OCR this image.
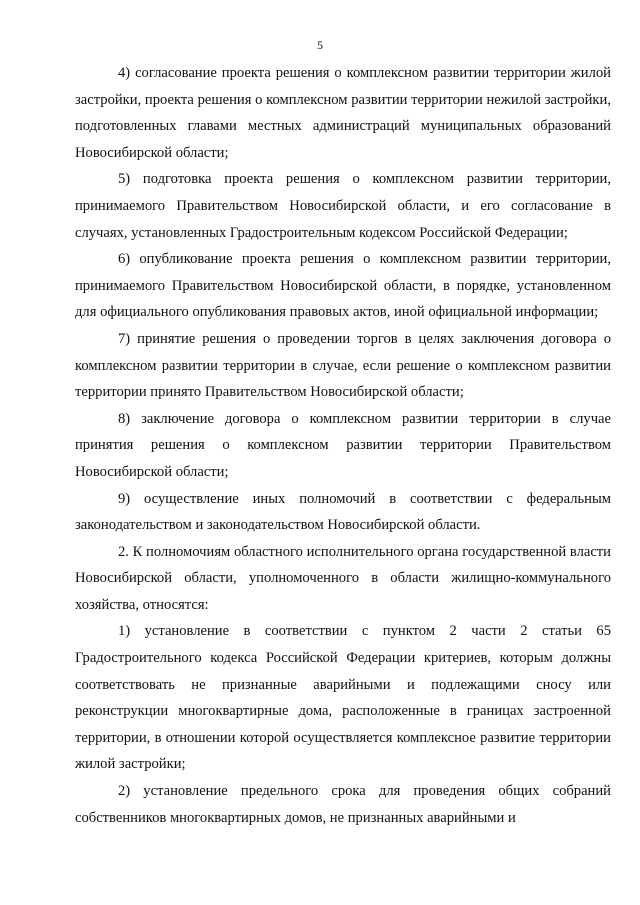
5

4) согласование проекта решения о комплексном развитии территории жилой застройки, проекта решения о комплексном развитии территории нежилой застройки, подготовленных главами местных администраций муниципальных образований Новосибирской области;

5) подготовка проекта решения о комплексном развитии территории, принимаемого Правительством Новосибирской области, и его согласование в случаях, установленных Градостроительным кодексом Российской Федерации;

6) опубликование проекта решения о комплексном развитии территории, принимаемого Правительством Новосибирской области, в порядке, установленном для официального опубликования правовых актов, иной официальной информации;

7) принятие решения о проведении торгов в целях заключения договора о комплексном развитии территории в случае, если решение о комплексном развитии территории принято Правительством Новосибирской области;

8) заключение договора о комплексном развитии территории в случае принятия решения о комплексном развитии территории Правительством Новосибирской области;

9) осуществление иных полномочий в соответствии с федеральным законодательством и законодательством Новосибирской области.

2. К полномочиям областного исполнительного органа государственной власти Новосибирской области, уполномоченного в области жилищно-коммунального хозяйства, относятся:

1) установление в соответствии с пунктом 2 части 2 статьи 65 Градостроительного кодекса Российской Федерации критериев, которым должны соответствовать не признанные аварийными и подлежащими сносу или реконструкции многоквартирные дома, расположенные в границах застроенной территории, в отношении которой осуществляется комплексное развитие территории жилой застройки;

2) установление предельного срока для проведения общих собраний собственников многоквартирных домов, не признанных аварийными и
